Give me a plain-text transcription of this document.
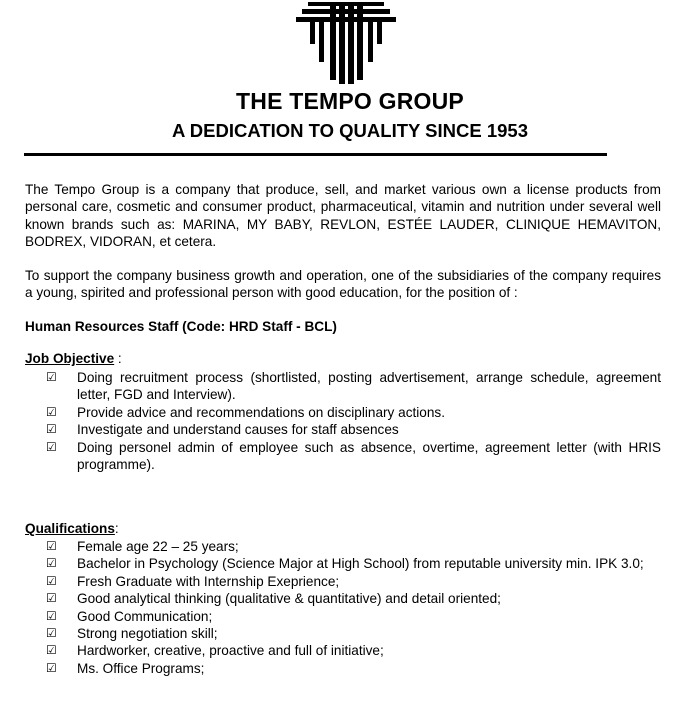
THE TEMPO GROUP
A DEDICATION TO QUALITY SINCE 1953
The Tempo Group is a company that produce, sell, and market various own a license products from personal care, cosmetic and consumer product, pharmaceutical, vitamin and nutrition under several well known brands such as: MARINA, MY BABY, REVLON, ESTÉE LAUDER, CLINIQUE HEMAVITON, BODREX, VIDORAN, et cetera.
To support the company business growth and operation, one of the subsidiaries of the company requires a young, spirited and professional person with good education, for the position of :
Human Resources Staff (Code: HRD Staff - BCL)
Job Objective :
☑	Doing recruitment process (shortlisted, posting advertisement, arrange schedule, agreement letter, FGD and Interview).
☑	Provide advice and recommendations on disciplinary actions.
☑	Investigate and understand causes for staff absences
☑	Doing personel admin of employee such as absence, overtime, agreement letter (with HRIS programme).
Qualifications:
☑	Female age 22 – 25 years;
☑	Bachelor in Psychology (Science Major at High School) from reputable university min. IPK 3.0;
☑	Fresh Graduate with Internship Exeprience;
☑	Good analytical thinking (qualitative & quantitative) and detail oriented;
☑	Good Communication;
☑	Strong negotiation skill;
☑	Hardworker, creative, proactive and full of initiative;
☑	Ms. Office Programs;
